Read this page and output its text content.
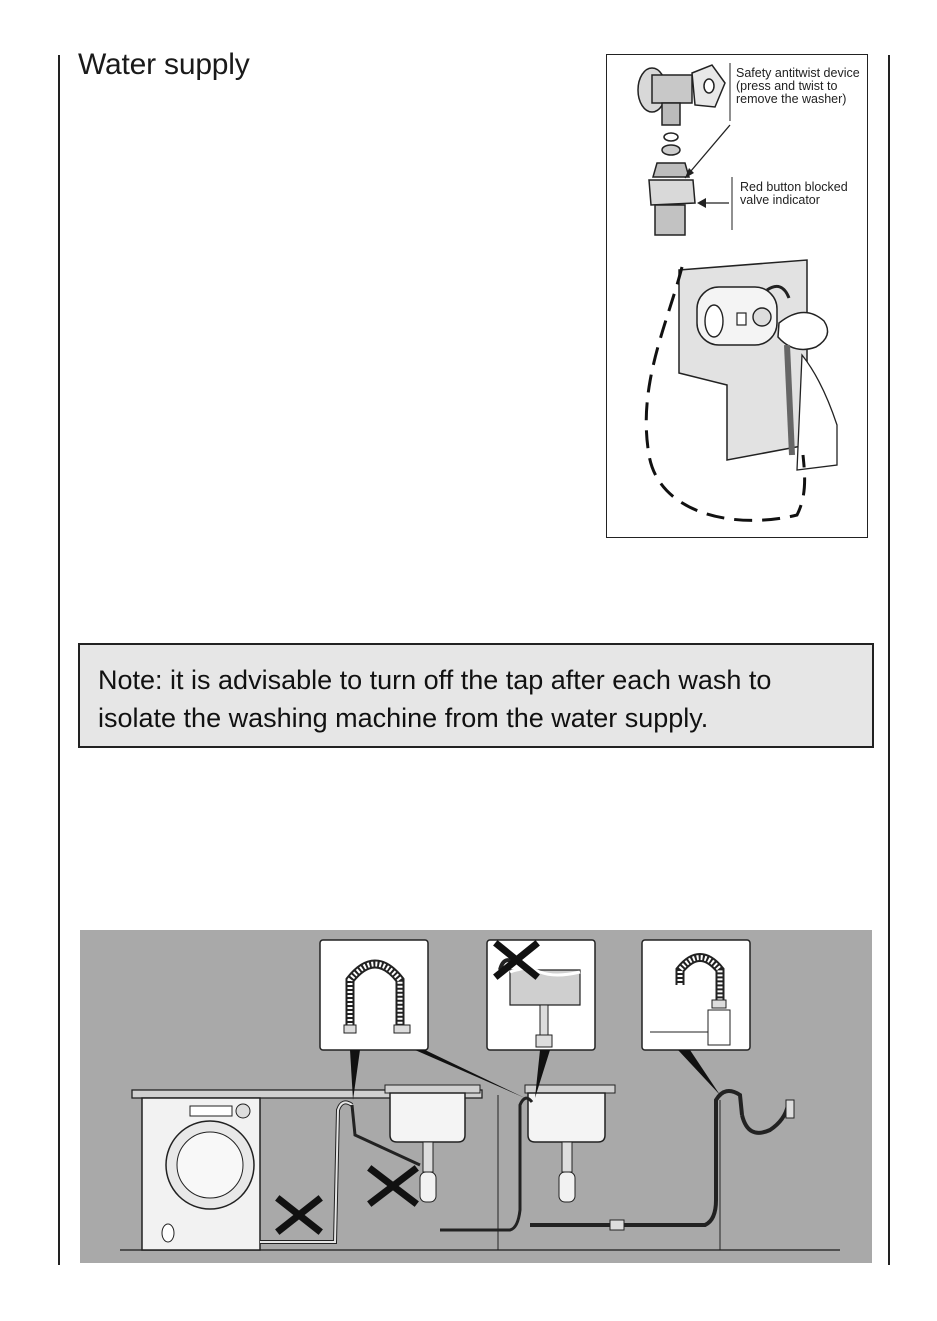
Water supply	Safety antitwist device (press and twist to remove the washer)
Red button blocked valve indicator
Note: it is advisable to turn off the tap after each wash to isolate the washing machine from the water supply.
